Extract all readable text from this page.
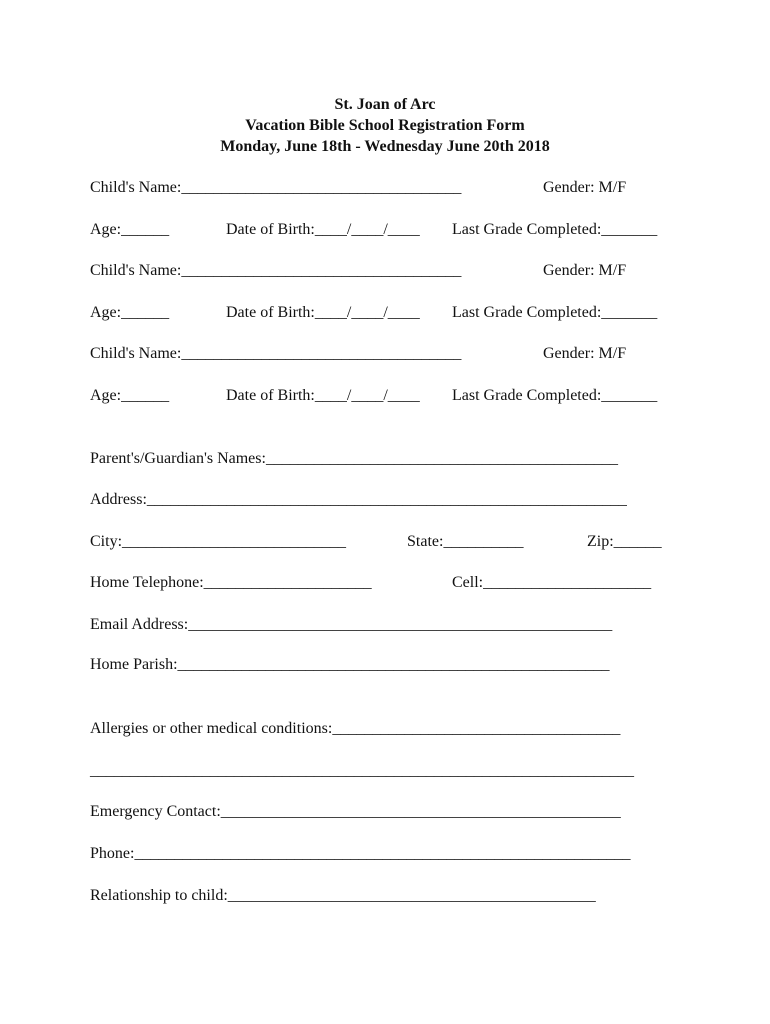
St. Joan of Arc
Vacation Bible School Registration Form
Monday, June 18th - Wednesday June 20th 2018
Child's Name:___________________________________	Gender: M/F
Age:______	Date of Birth:____/____/____ Last Grade Completed:_______
Child's Name:___________________________________	Gender: M/F
Age:______	Date of Birth:____/____/____ Last Grade Completed:_______
Child's Name:___________________________________	Gender: M/F
Age:______	Date of Birth:____/____/____ Last Grade Completed:_______
Parent's/Guardian's Names:____________________________________________
Address:____________________________________________________________
City:____________________________	State:__________	Zip:______
Home Telephone:_____________________	Cell:_____________________
Email Address:_____________________________________________________
Home Parish:______________________________________________________
Allergies or other medical conditions:____________________________________
____________________________________________________________________
Emergency Contact:__________________________________________________
Phone:______________________________________________________________
Relationship to child:______________________________________________
